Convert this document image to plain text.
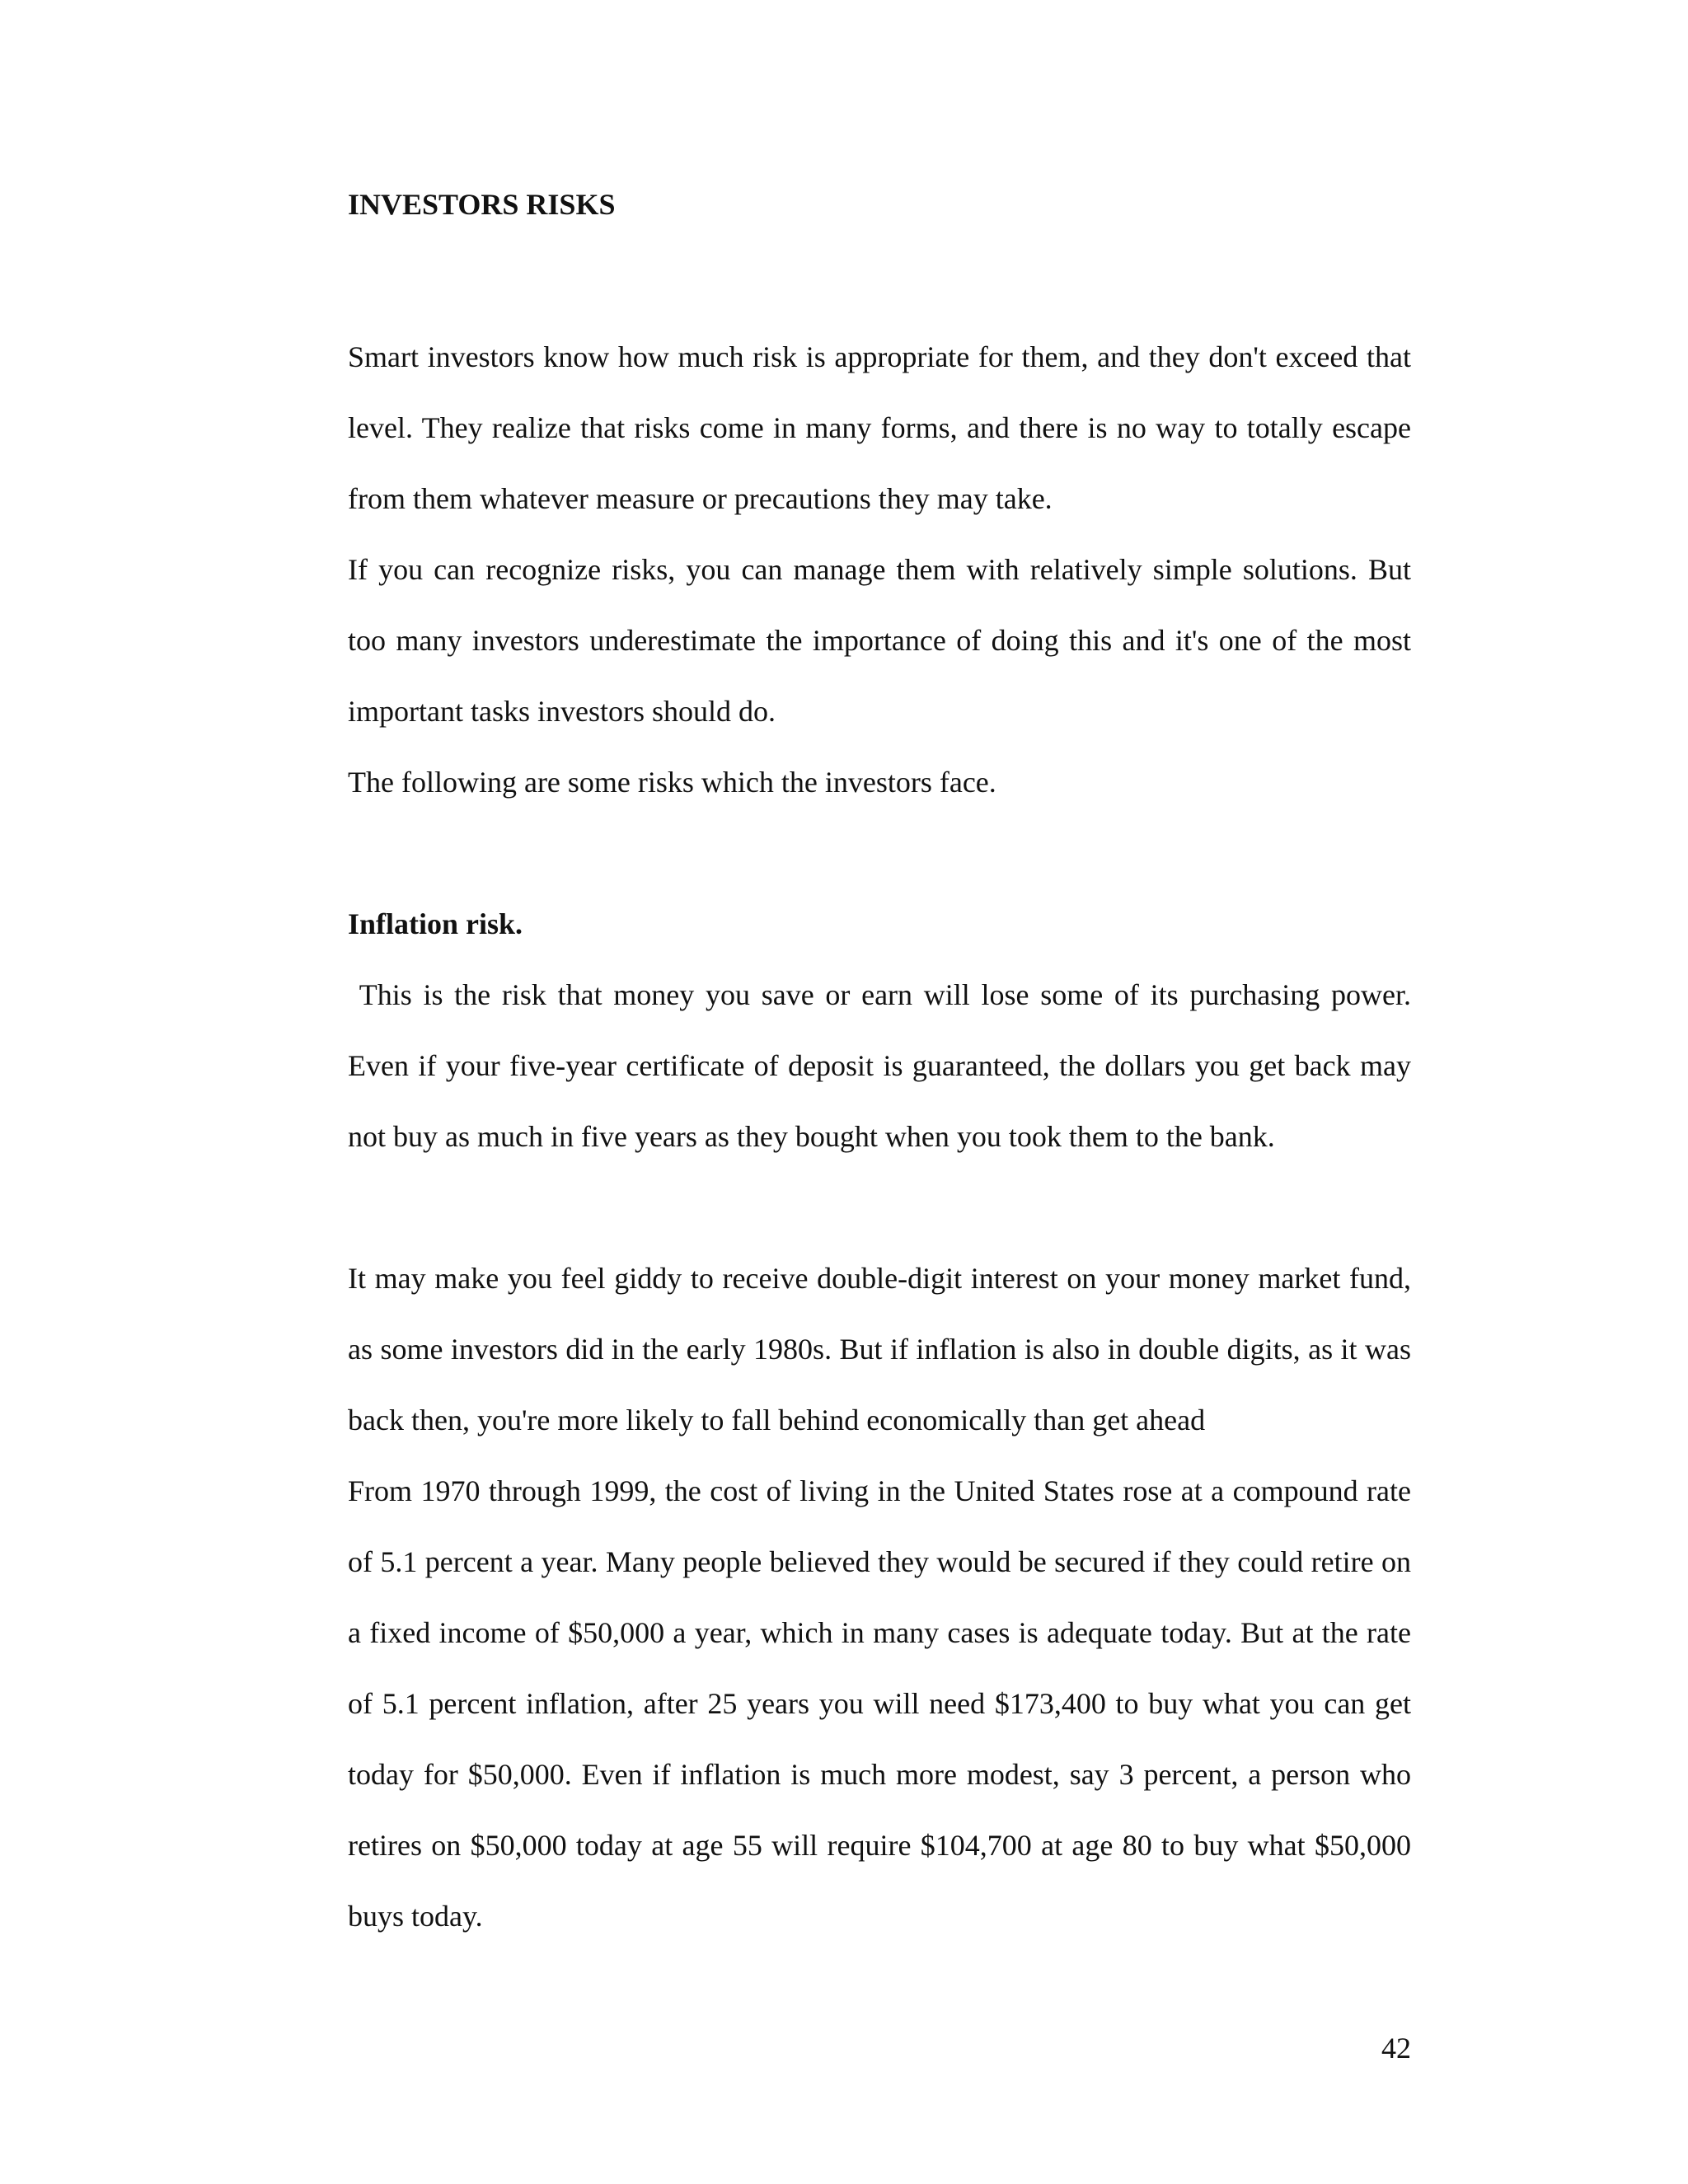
INVESTORS RISKS

Smart investors know how much risk is appropriate for them, and they don't exceed that level. They realize that risks come in many forms, and there is no way to totally escape from them whatever measure or precautions they may take.

If you can recognize risks, you can manage them with relatively simple solutions. But too many investors underestimate the importance of doing this and it's one of the most important tasks investors should do.

The following are some risks which the investors face.

Inflation risk.

This is the risk that money you save or earn will lose some of its purchasing power. Even if your five-year certificate of deposit is guaranteed, the dollars you get back may not buy as much in five years as they bought when you took them to the bank.

It may make you feel giddy to receive double-digit interest on your money market fund, as some investors did in the early 1980s. But if inflation is also in double digits, as it was back then, you're more likely to fall behind economically than get ahead

From 1970 through 1999, the cost of living in the United States rose at a compound rate of 5.1 percent a year. Many people believed they would be secured if they could retire on a fixed income of $50,000 a year, which in many cases is adequate today. But at the rate of 5.1 percent inflation, after 25 years you will need $173,400 to buy what you can get today for $50,000. Even if inflation is much more modest, say 3 percent, a person who retires on $50,000 today at age 55 will require $104,700 at age 80 to buy what $50,000 buys today.

42
